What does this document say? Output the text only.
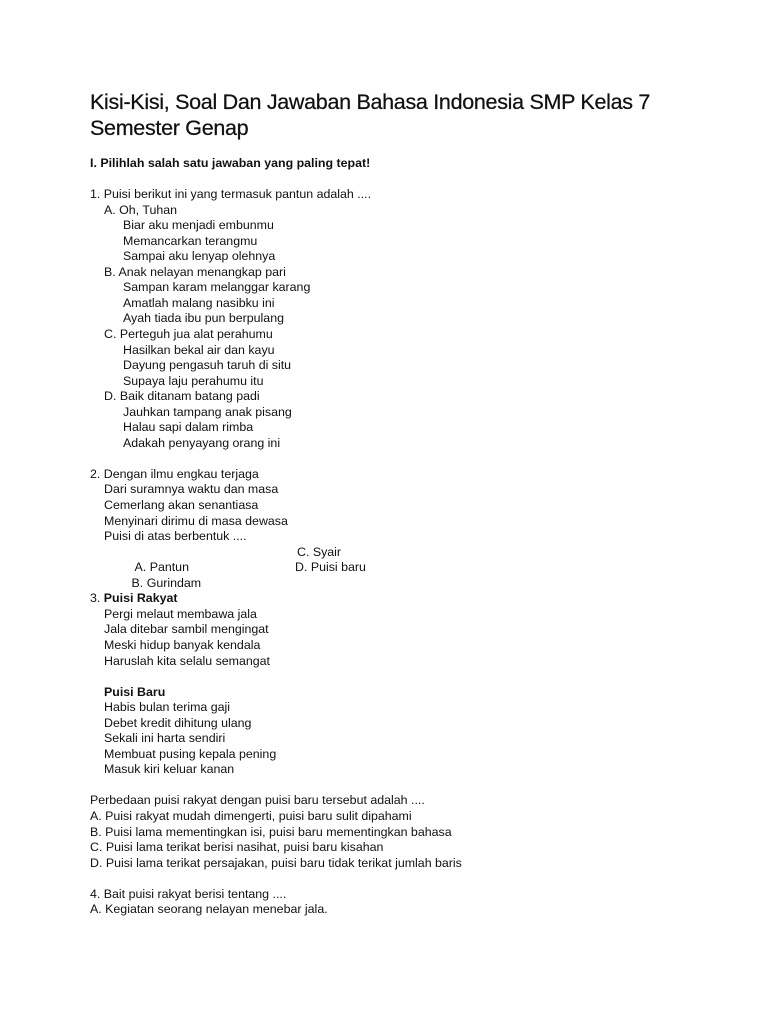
Kisi-Kisi, Soal Dan Jawaban Bahasa Indonesia SMP Kelas 7 Semester Genap
I. Pilihlah salah satu jawaban yang paling tepat!
1. Puisi berikut ini yang termasuk pantun adalah ....
A. Oh, Tuhan
Biar aku menjadi embunmu
Memancarkan terangmu
Sampai aku lenyap olehnya
B. Anak nelayan menangkap pari
Sampan karam melanggar karang
Amatlah malang nasibku ini
Ayah tiada ibu pun berpulang
C. Perteguh jua alat perahumu
Hasilkan bekal air dan kayu
Dayung pengasuh taruh di situ
Supaya laju perahumu itu
D. Baik ditanam batang padi
Jauhkan tampang anak pisang
Halau sapi dalam rimba
Adakah penyayang orang ini
2. Dengan ilmu engkau terjaga
Dari suramnya waktu dan masa
Cemerlang akan senantiasa
Menyinari dirimu di masa dewasa
Puisi di atas berbentuk ....

A. Pantun

C. Syair

B. Gurindam

D. Puisi baru

3. Puisi Rakyat
Pergi melaut membawa jala
Jala ditebar sambil mengingat
Meski hidup banyak kendala
Haruslah kita selalu semangat
Puisi Baru
Habis bulan terima gaji
Debet kredit dihitung ulang
Sekali ini harta sendiri
Membuat pusing kepala pening
Masuk kiri keluar kanan
Perbedaan puisi rakyat dengan puisi baru tersebut adalah ....
A. Puisi rakyat mudah dimengerti, puisi baru sulit dipahami
B. Puisi lama mementingkan isi, puisi baru mementingkan bahasa
C. Puisi lama terikat berisi nasihat, puisi baru kisahan
D. Puisi lama terikat persajakan, puisi baru tidak terikat jumlah baris
4. Bait puisi rakyat berisi tentang ....
A. Kegiatan seorang nelayan menebar jala.
